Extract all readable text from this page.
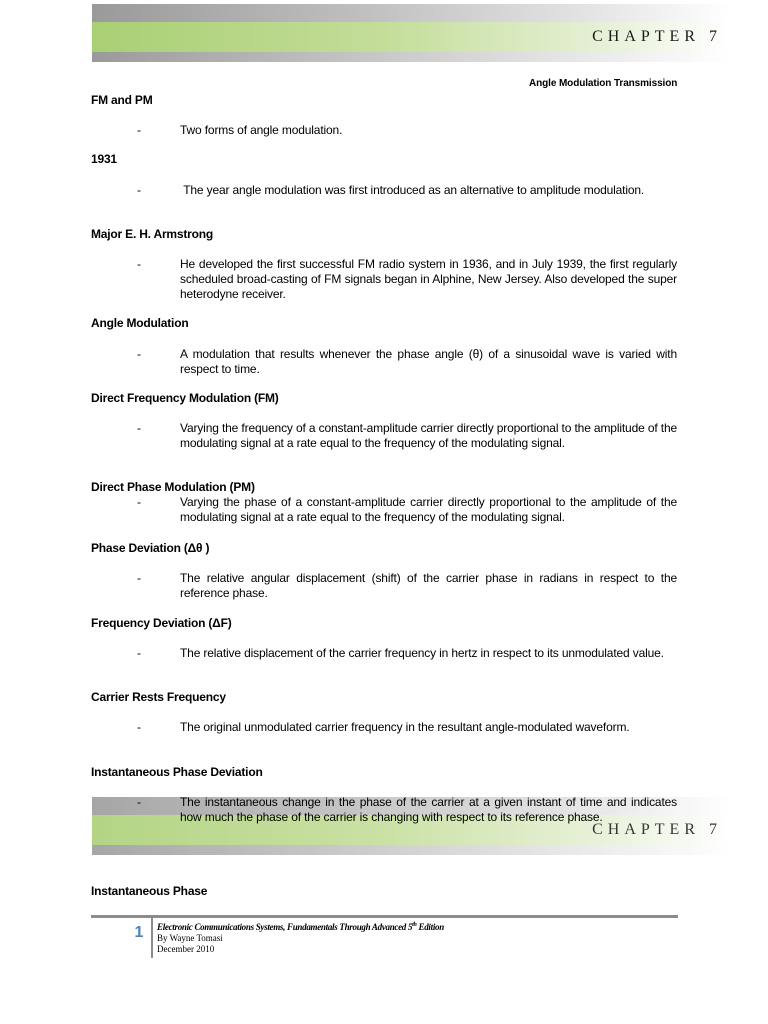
CHAPTER 7
Angle Modulation Transmission
FM and PM
-	Two forms of angle modulation.
1931
-	The year angle modulation was first introduced as an alternative to amplitude modulation.
Major E. H. Armstrong
-	He developed the first successful FM radio system in 1936, and in July 1939, the first regularly scheduled broad-casting of FM signals began in Alphine, New Jersey. Also developed the super heterodyne receiver.
Angle Modulation
-	A modulation that results whenever the phase angle (θ) of a sinusoidal wave is varied with respect to time.
Direct Frequency Modulation (FM)
-	Varying the frequency of a constant-amplitude carrier directly proportional to the amplitude of the modulating signal at a rate equal to the frequency of the modulating signal.
Direct Phase Modulation (PM)
-	Varying the phase of a constant-amplitude carrier directly proportional to the amplitude of the modulating signal at a rate equal to the frequency of the modulating signal.
Phase Deviation (Δθ )
-	The relative angular displacement (shift) of the carrier phase in radians in respect to the reference phase.
Frequency Deviation (ΔF)
-	The relative displacement of the carrier frequency in hertz in respect to its unmodulated value.
Carrier Rests Frequency
-	The original unmodulated carrier frequency in the resultant angle-modulated waveform.
Instantaneous Phase Deviation
CHAPTER 7
-	The instantaneous change in the phase of the carrier at a given instant of time and indicates how much the phase of the carrier is changing with respect to its reference phase.
Instantaneous Phase
1	Electronic Communications Systems, Fundamentals Through Advanced 5th Edition
By Wayne Tomasi
December 2010
